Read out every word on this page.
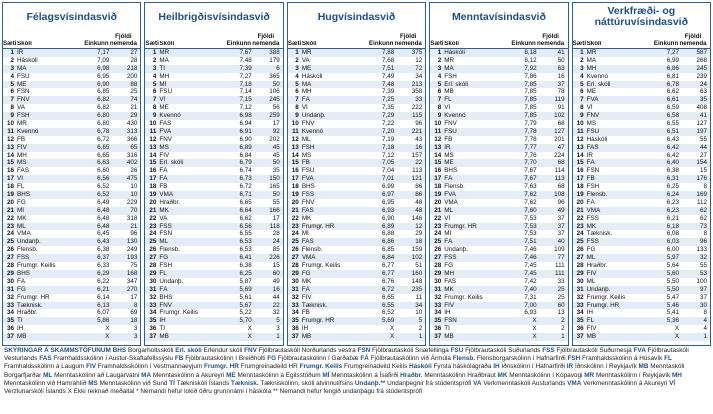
Félagsvísindasvið
Sæti Skóli	Einkunn
Fjöldi nemenda
1 IR	7,17	27
2 Háskóli	7,09	28
3 MA	6,98	218
4 FSU	6,95	200
5 ME	6,90	88
6 FSN	6,85	25
7 FNV	6,82	74
8 VA	6,82	21
9 FSH	6,80	29
10 MR	6,80	430
11 Kvennó	6,78	313
12 FB	6,72	366
13 FIV	6,65	65
14 MH	6,65	316
15 MS	6,63	402
16 FAS	6,60	26
17 VÍ	6,56	475
18 FL	6,52	10
19 BHS	6,52	10
20 FG	6,49	229
21 MÍ	6,48	70
22 MK	6,48	318
23 ML	6,48	21
24 VMA	6,45	96
25 Undanþ.	6,43	130
26 Flensb.	6,38	249
27 FSS	6,37	193
28 Frumgr. Keilis	6,33	75
29 BHS	6,29	168
30 FÁ	6,22	347
31 FG	6,21	270
32 Frumgr. HR	6,14	17
33 Tæknisk.	6,13	8
34 Hraðbr.	6,07	69
35 TI	5,86	18
36 IH	X	3
37 MB	X	3
Heilbrigðisvísindasvið
Sæti Skóli	Einkunn
Fjöldi nemenda
1 MR	7,67	388
2 MA	7,48	179
3 TÍ	7,39	6
4 MH	7,27	365
5 MÍ	7,18	50
6 FSU	7,14	106
7 VÍ	7,15	245
8 ME	7,12	56
9 Kvennó	6,98	259
10 FAS	6,94	17
11 FVA	6,91	92
12 FNV	6,90	202
13 MS	6,89	45
14 FIV	6,84	45
15 Erl. skóli	6,79	50
16 FÁ	6,74	35
17 FÁ	6,73	150
18 FB	6,72	165
19 VMA	6,71	50
20 Hraðbr.	6,65	55
21 MK	6,64	166
22 VA	6,62	17
23 FSS	6,56	118
24 FSN	6,55	28
25 ML	6,53	24
26 Flensb.	6,53	85
27 FG	6,41	226
28 FSH	6,38	15
29 FL	6,25	60
30 Undanþ.	5,87	49
31 FÁ	5,69	16
32 BHS	5,61	44
33 FNV	5,67	22
34 Frumgr. Keilis	5,22	32
35 IH	5,70	5
36 TÍ	X	3
37 MB	X	1
Hugvísindasvið
Sæti Skóli	Einkunn
Fjöldi nemenda
1 MR	7,88	375
2 VA	7,68	12
3 ME	7,51	72
4 Háskóli	7,49	34
5 MA	7,48	213
6 MH	7,39	358
7 FÁ	7,25	33
8 VÍ	7,35	222
9 Undanþ.	7,29	115
10 FNV	7,22	96
11 Kvennó	7,20	221
12 ML	7,19	43
13 FSH	7,18	16
14 MS	7,12	157
15 FB	7,05	22
16 FSU	7,04	113
17 FVA	7,01	121
18 BHS	6,99	86
19 FSS	6,97	86
20 FNV	6,95	48
21 FAS	6,93	48
22 MK	6,90	146
23 Frumgr. HR	6,89	12
24 MÍ	6,88	29
25 FAS	6,86	18
26 Flensb.	6,85	159
27 VMA	6,84	102
28 Frumgr. Keilis	6,77	51
29 FG	6,77	160
30 MK	6,76	148
31 FÁ	6,72	235
32 FIV	6,65	11
33 Tæknisk.	6,55	34
34 FB	6,52	10
35 Frumgr. HR	5,69	5
36 IH	X	2
37 MB	X	1
Menntavísindasvið
Sæti Skóli	Einkunn
Fjöldi nemenda
1 Háskóli	8,18	41
2 MR	8,12	50
3 MA	7,92	63
4 FSH	7,86	16
5 Erl. skóli	7,85	37
6 MB	7,85	78
7 FL	7,85	119
8 VÍ	7,85	91
9 Kvennó	7,85	102
10 FNV	7,79	68
11 FSU	7,78	127
12 FB	7,78	201
13 IR	7,77	47
14 MS	7,76	224
15 ME	7,70	68
16 BHS	7,67	114
17 FÁ	7,67	113
18 Flensb.	7,63	68
19 FVA	7,62	108
20 VMA	7,62	96
21 ML	7,60	49
22 VÍ	7,53	37
23 Frumgr. HR	7,53	37
24 MÍ	7,53	37
25 FÁ	7,51	40
26 Undanþ.	7,46	109
27 FSS	7,46	77
28 FG	7,45	111
29 MH	7,45	111
30 FAS	7,42	33
31 MK	7,40	25
32 Frumgr. Keilis	7,31	25
33 FIV	7,00	60
34 IH	6,93	13
35 FSN	X	2
36 TÍ	X	2
37 MB	X	1
Verkfræði- og náttúruvísindasvið
Sæti Skóli	Einkunn
Fjöldi nemenda
1 MR	7,27	587
2 MA	6,99	268
3 MH	6,86	245
4 Kvennó	6,81	239
5 Erl. skóli	6,78	24
6 ME	6,62	63
7 FVA	6,61	35
8 VÍ	6,59	408
9 FNV	6,58	41
10 MS	6,55	127
11 FSU	6,51	197
12 Háskóli	6,43	55
13 FAS	6,42	44
14 IR	6,42	27
15 FÁ	6,40	154
16 FSN	6,38	15
17 FB	6,31	176
18 FSH	6,25	8
19 Flensb.	6,24	169
20 FÁ	6,23	112
21 VMA	6,23	62
22 FSS	6,21	62
23 MK	6,18	73
24 Tæknisk.	6,08	8
25 FSS	6,03	96
26 FG	6,00	133
27 ML	5,97	32
28 Hraðbr.	5,64	55
29 FIV	5,60	53
30 ML	5,50	100
31 Undanþ.	5,50	97
32 Frumgr. Keilis	5,47	37
33 Frumgr. HR	5,46	30
34 IH	5,41	8
35 FL	5,36	4
36 FIV	X	4
37 MB	X	1
SKÝRINGAR Á SKAMMSTÖFUNUM BHS Borgarholtsskóli Erl. skóli Erlendur skóli FNV Fjölbrautaskóli Norðurlands vestra FSN Fjölbrautaskóli Snæfellinga FSU Fjölbrautaskóli Suðurlands FSS Fjölbrautaskóli Suðurnesja FVA Fjölbrautaskóli Vesturlands FAS Framhaldsskólinn í Austur-Skaftafellssýslu FB Fjölbrautaskólinn í Breiðholti FG Fjölbrautaskólinn í Garðabæ FÁ Fjölbrautaskólinn við Ármúla Flensb. Flensborgarskólinn í Hafnarfirði FSH Framhaldsskólinn á Húsavík FL Framhaldsskólinn á Laugum FIV Framhaldsskólinn í Vestmannaeyjum Frumgr. HR Frumgreinadeild HR Frumgr. Keilis Frumgreinadeild Keilis Háskóli Fyrsta háskólagráða IH Iðnskólinn í Hafnarfirði IR Iðnskólinn í Reykjavík MB Menntaskóli Borgarfjarðar ML Menntaskólinn að Laugarvatni MA Menntaskólinn á Akureyri ME Menntaskólinn á Egilsstöðum MÍ Menntaskólinn á Ísafirði Hraðbr. Menntaskólinn Hraðbraut MK Menntaskólinn í Kópavogi MR Menntaskólinn í Reykjavík MH Menntaskólinn við Hamrahlíð MS Menntaskólinn við Sund TÍ Tækniskóli Íslands Tæknisk. Tækniskólinn, skóli atvinnulífsins Undanþ.** Undanþegnir frá stúdentsprófi VA Verkmenntaskóli Austurlands VMA Verkmenntaskólinn á Akureyri VÍ Verzlunarskóli Íslands X Ekki reiknað meðaltal * Nemandi hefur lokið öðru grunnnámi í háskóla ** Nemandi hefur fengið undanþágu frá stúdentsprófi
